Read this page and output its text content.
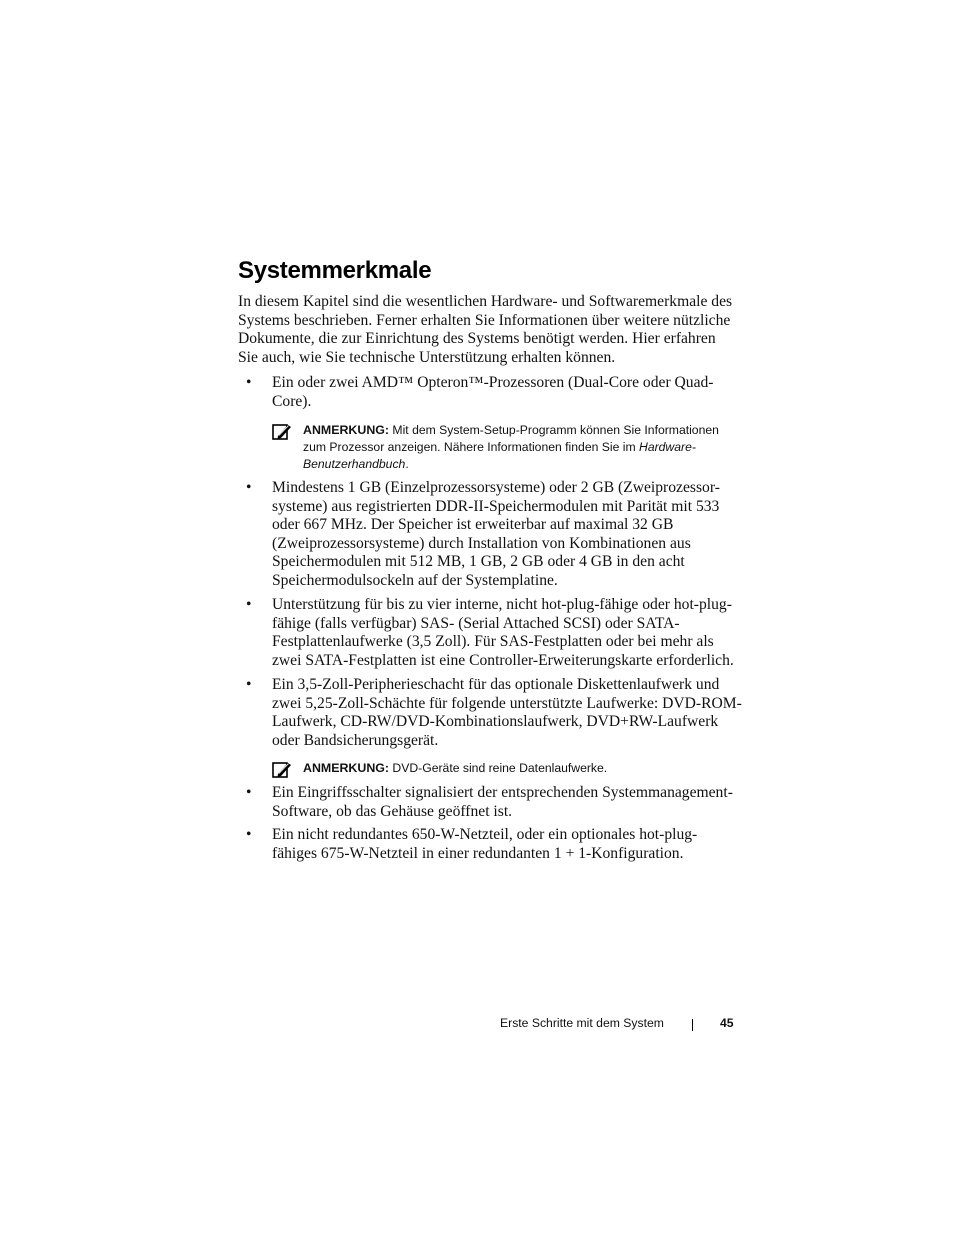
Systemmerkmale

In diesem Kapitel sind die wesentlichen Hardware- und Softwaremerkmale des Systems beschrieben. Ferner erhalten Sie Informationen über weitere nützliche Dokumente, die zur Einrichtung des Systems benötigt werden. Hier erfahren Sie auch, wie Sie technische Unterstützung erhalten können.

• Ein oder zwei AMD™ Opteron™-Prozessoren (Dual-Core oder Quad-Core).
ANMERKUNG: Mit dem System-Setup-Programm können Sie Informationen zum Prozessor anzeigen. Nähere Informationen finden Sie im Hardware-Benutzerhandbuch.
• Mindestens 1 GB (Einzelprozessorsysteme) oder 2 GB (Zweiprozessor-systeme) aus registrierten DDR-II-Speichermodulen mit Parität mit 533 oder 667 MHz. Der Speicher ist erweiterbar auf maximal 32 GB (Zweiprozessorsysteme) durch Installation von Kombinationen aus Speichermodulen mit 512 MB, 1 GB, 2 GB oder 4 GB in den acht Speichermodulsockeln auf der Systemplatine.
• Unterstützung für bis zu vier interne, nicht hot-plug-fähige oder hot-plug-fähige (falls verfügbar) SAS- (Serial Attached SCSI) oder SATA-Festplattenlaufwerke (3,5 Zoll). Für SAS-Festplatten oder bei mehr als zwei SATA-Festplatten ist eine Controller-Erweiterungskarte erforderlich.
• Ein 3,5-Zoll-Peripherieschacht für das optionale Diskettenlaufwerk und zwei 5,25-Zoll-Schächte für folgende unterstützte Laufwerke: DVD-ROM-Laufwerk, CD-RW/DVD-Kombinationslaufwerk, DVD+RW-Laufwerk oder Bandsicherungsgerät.
ANMERKUNG: DVD-Geräte sind reine Datenlaufwerke.
• Ein Eingriffsschalter signalisiert der entsprechenden Systemmanagement-Software, ob das Gehäuse geöffnet ist.
• Ein nicht redundantes 650-W-Netzteil, oder ein optionales hot-plug-fähiges 675-W-Netzteil in einer redundanten 1 + 1-Konfiguration.
Erste Schritte mit dem System	45
